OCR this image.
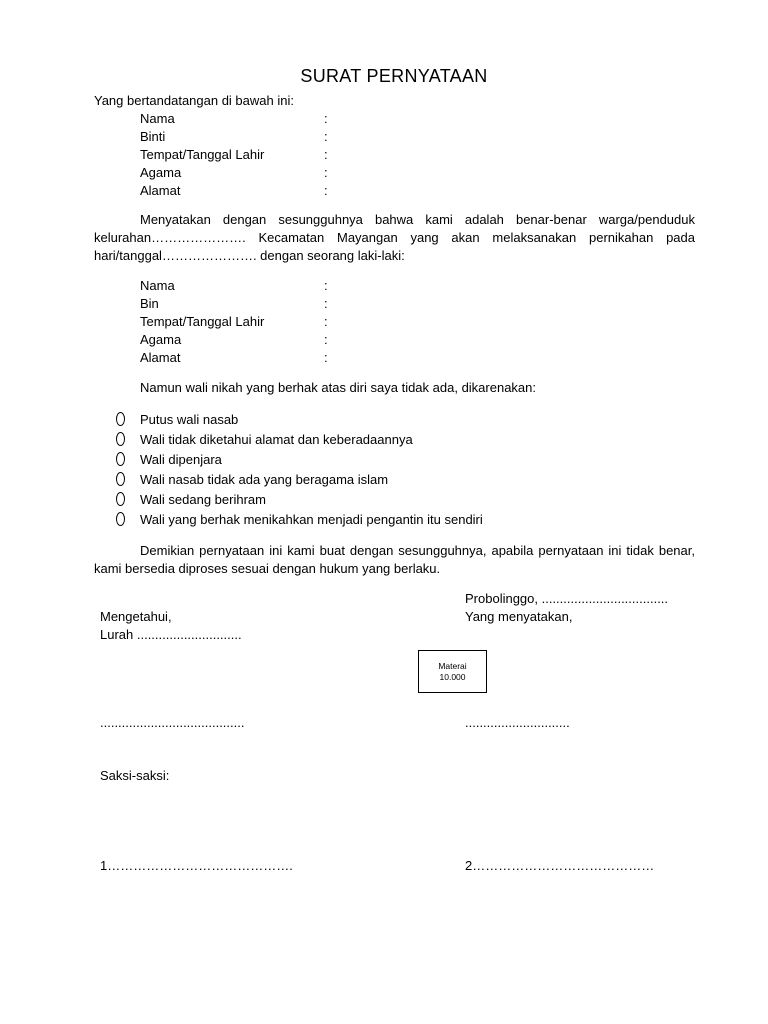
SURAT PERNYATAAN
Yang bertandatangan di bawah ini:
Nama	:
Binti	:
Tempat/Tanggal Lahir	:
Agama	:
Alamat	:
Menyatakan dengan sesungguhnya bahwa kami adalah benar-benar warga/penduduk kelurahan…………………. Kecamatan Mayangan yang akan melaksanakan pernikahan pada hari/tanggal…………………. dengan seorang laki-laki:
Nama	:
Bin	:
Tempat/Tanggal Lahir	:
Agama	:
Alamat	:
Namun wali nikah yang berhak atas diri saya tidak ada, dikarenakan:
Putus wali nasab
Wali tidak diketahui alamat dan keberadaannya
Wali dipenjara
Wali nasab tidak ada yang beragama islam
Wali sedang berihram
Wali yang berhak menikahkan menjadi pengantin itu sendiri
Demikian pernyataan ini kami buat dengan sesungguhnya, apabila pernyataan ini tidak benar, kami bersedia diproses sesuai dengan hukum yang berlaku.
Probolinggo, ...................................
Mengetahui,	Yang menyatakan,
Lurah .............................
Materai
10.000
........................................	.............................
Saksi-saksi:
1…………………………………….	2……………………………………
